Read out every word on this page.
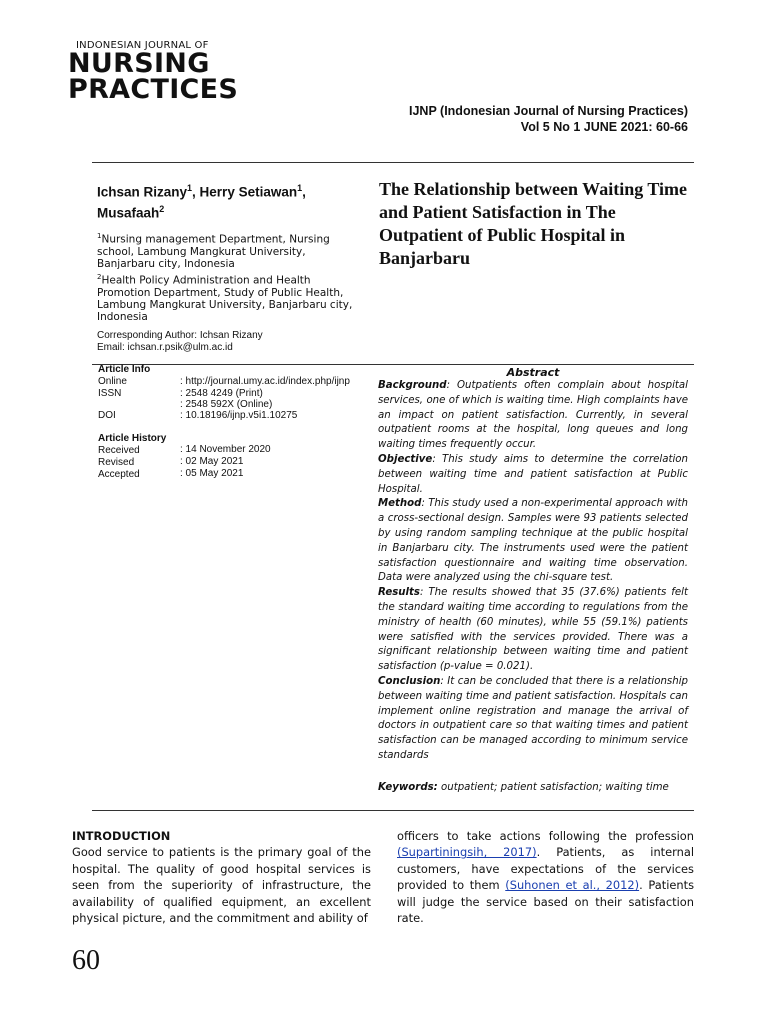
INDONESIAN JOURNAL OF
NURSING
PRACTICES
IJNP (Indonesian Journal of Nursing Practices)
Vol 5 No 1 JUNE 2021: 60-66
Ichsan Rizany$^1$, Herry Setiawan$^1$,
Musafaah$^2$
$^1$Nursing management Department, Nursing school, Lambung Mangkurat University, Banjarbaru city, Indonesia
$^2$Health Policy Administration and Health Promotion Department, Study of Public Health, Lambung Mangkurat University, Banjarbaru city, Indonesia
Corresponding Author: Ichsan Rizany
Email: ichsan.r.psik@ulm.ac.id
The Relationship between Waiting Time and Patient Satisfaction in The Outpatient of Public Hospital in Banjarbaru
Article Info
Online	: http://journal.umy.ac.id/index.php/ijnp
ISSN	: 2548 4249 (Print)
: 2548 592X (Online)
DOI	: 10.18196/ijnp.v5i1.10275
Article History
Received	: 14 November 2020
Revised	: 02 May 2021
Accepted	: 05 May 2021
Abstract

Background: Outpatients often complain about hospital services, one of which is waiting time. High complaints have an impact on patient satisfaction. Currently, in several outpatient rooms at the hospital, long queues and long waiting times frequently occur.

Objective: This study aims to determine the correlation between waiting time and patient satisfaction at Public Hospital.

Method: This study used a non-experimental approach with a cross-sectional design. Samples were 93 patients selected by using random sampling technique at the public hospital in Banjarbaru city. The instruments used were the patient satisfaction questionnaire and waiting time observation. Data were analyzed using the chi-square test.

Results: The results showed that 35 (37.6%) patients felt the standard waiting time according to regulations from the ministry of health (60 minutes), while 55 (59.1%) patients were satisfied with the services provided. There was a significant relationship between waiting time and patient satisfaction (p-value = 0.021).

Conclusion: It can be concluded that there is a relationship between waiting time and patient satisfaction. Hospitals can implement online registration and manage the arrival of doctors in outpatient care so that waiting times and patient satisfaction can be managed according to minimum service standards

Keywords: outpatient; patient satisfaction; waiting time

INTRODUCTION

Good service to patients is the primary goal of the hospital. The quality of good hospital services is seen from the superiority of infrastructure, the availability of qualified equipment, an excellent physical picture, and the commitment and ability of

officers to take actions following the profession (Supartiningsih, 2017). Patients, as internal customers, have expectations of the services provided to them (Suhonen et al., 2012). Patients will judge the service based on their satisfaction rate.

60
